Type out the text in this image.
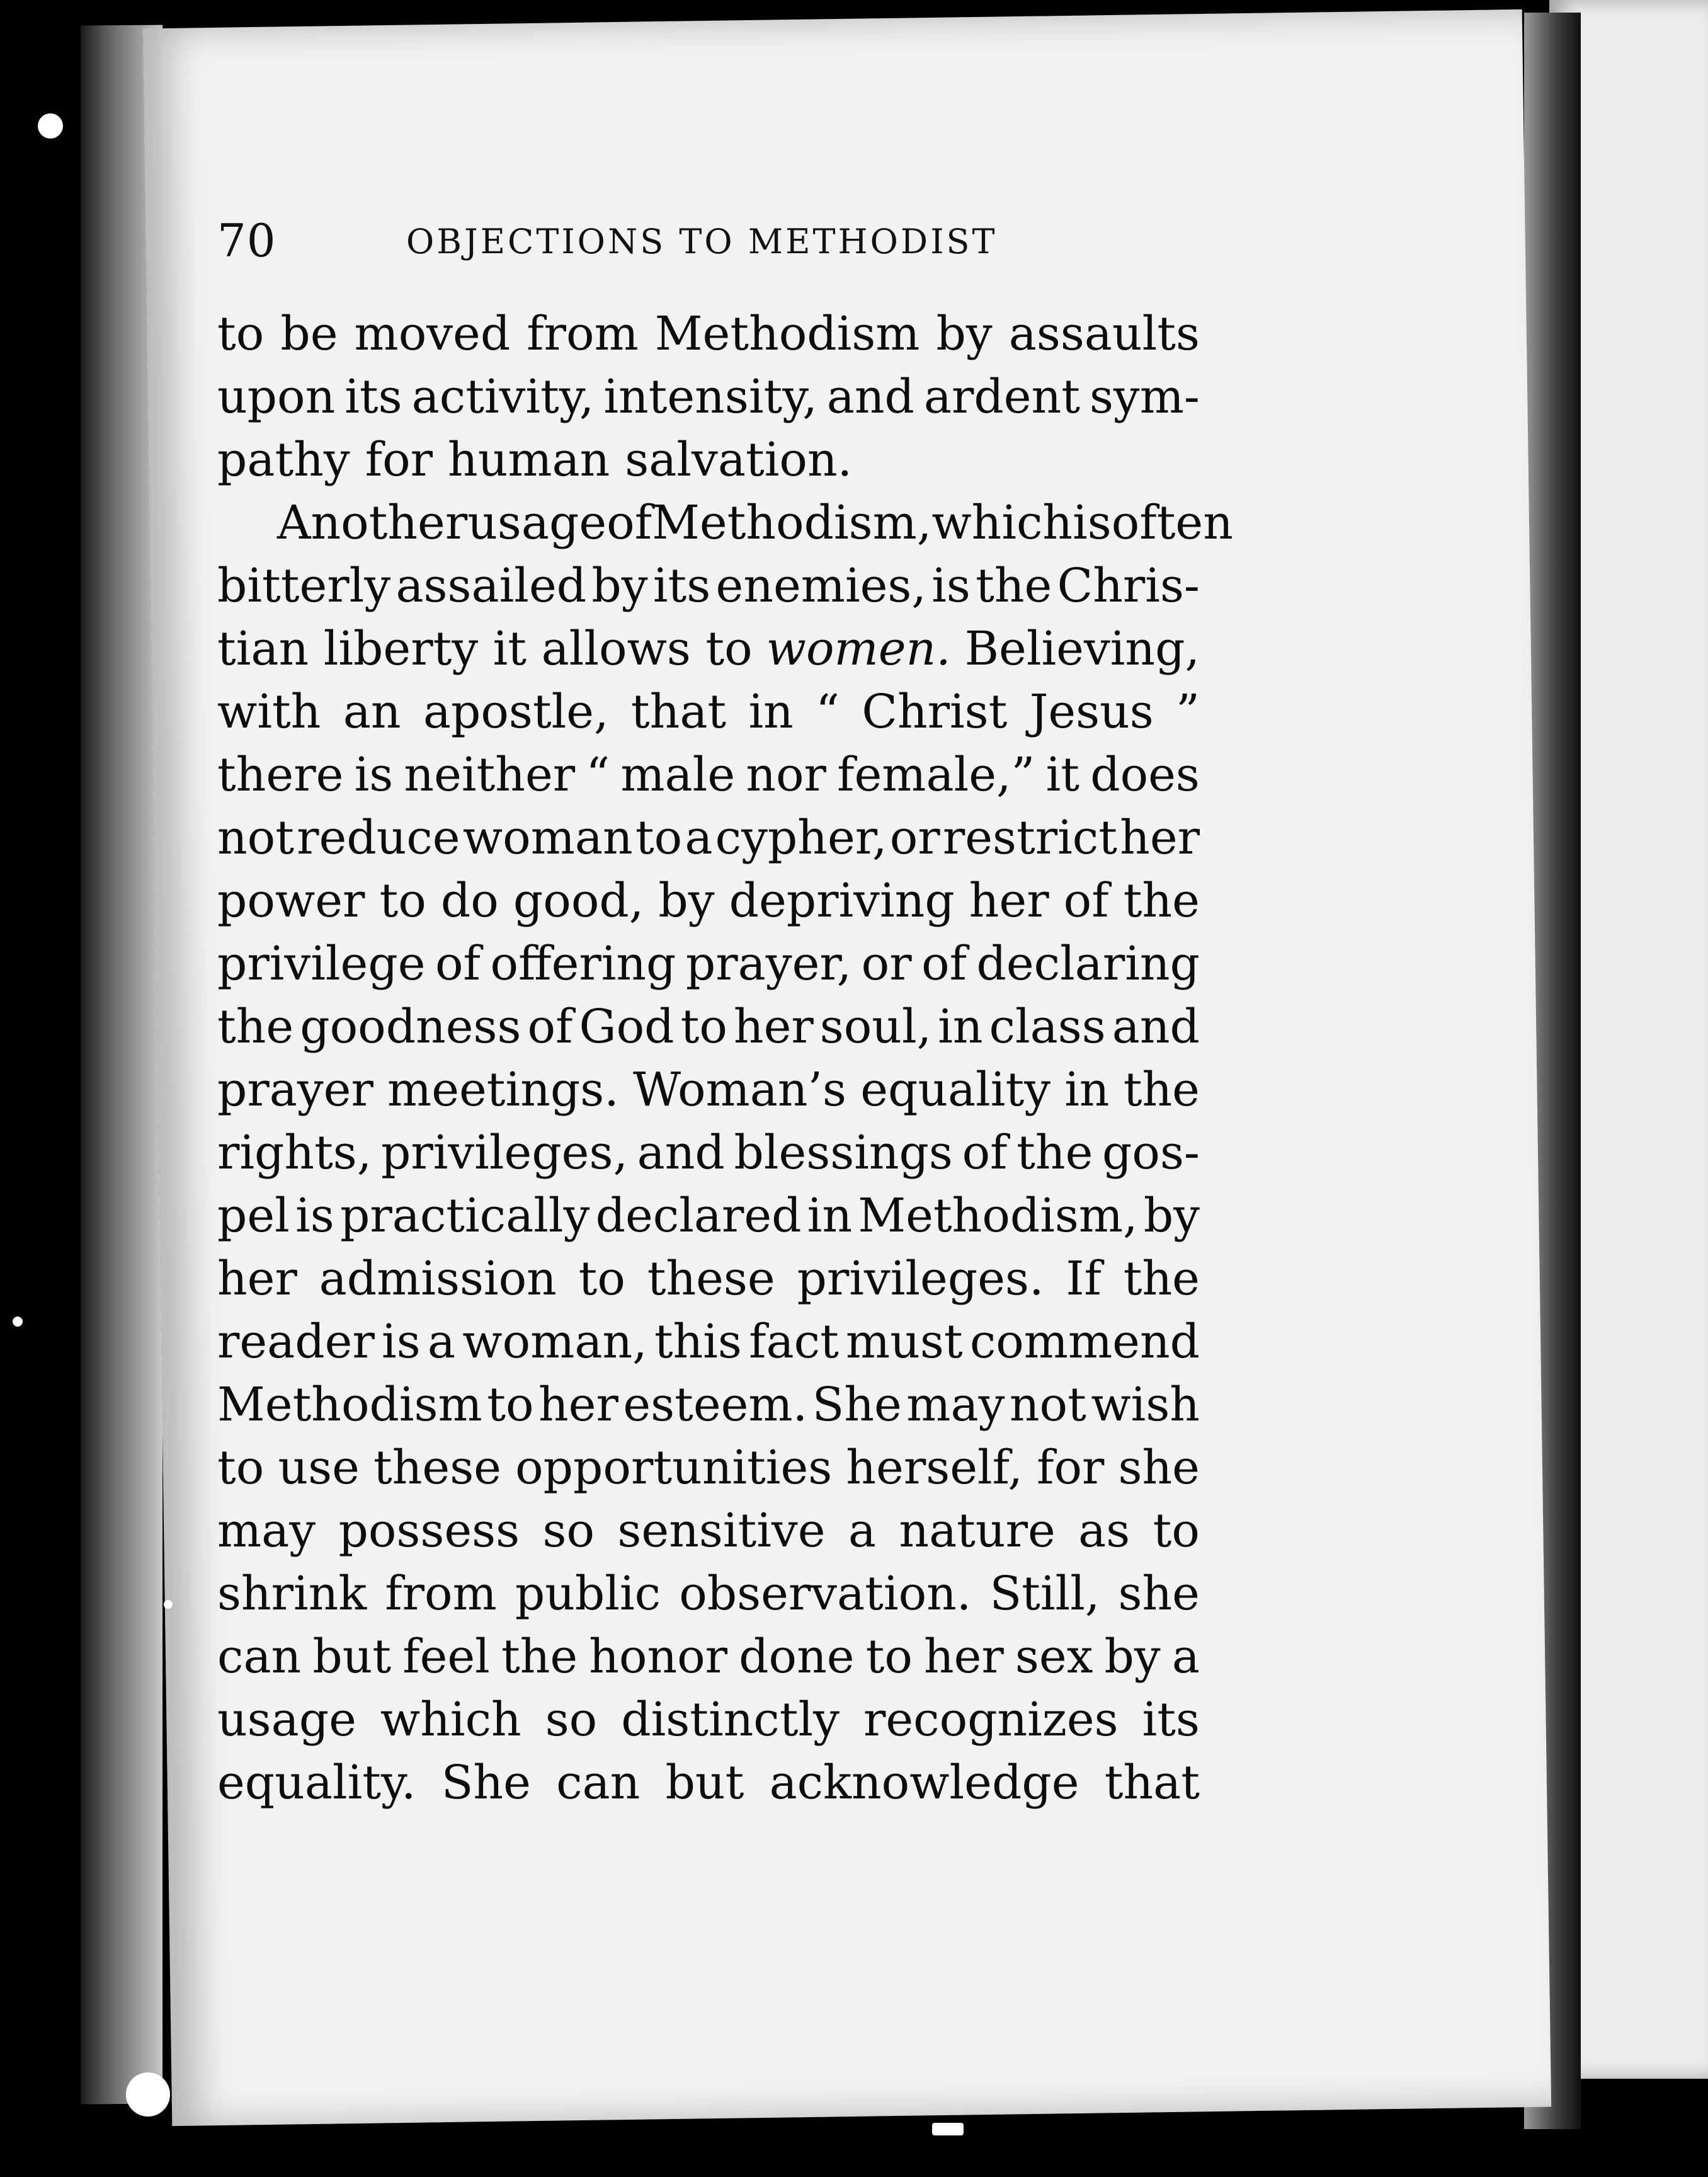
70	OBJECTIONS TO METHODIST
to be moved from Methodism by assaults
upon its activity, intensity, and ardent sym-
pathy for human salvation.
Another usage of Methodism, which is often
bitterly assailed by its enemies, is the Chris-
tian liberty it allows to women. Believing,
with an apostle, that in “ Christ Jesus ”
there is neither “ male nor female,” it does
not reduce woman to a cypher, or restrict her
power to do good, by depriving her of the
privilege of offering prayer, or of declaring
the goodness of God to her soul, in class and
prayer meetings. Woman’s equality in the
rights, privileges, and blessings of the gos-
pel is practically declared in Methodism, by
her admission to these privileges. If the
reader is a woman, this fact must commend
Methodism to her esteem. She may not wish
to use these opportunities herself, for she
may possess so sensitive a nature as to
shrink from public observation. Still, she
can but feel the honor done to her sex by a
usage which so distinctly recognizes its
equality. She can but acknowledge that
